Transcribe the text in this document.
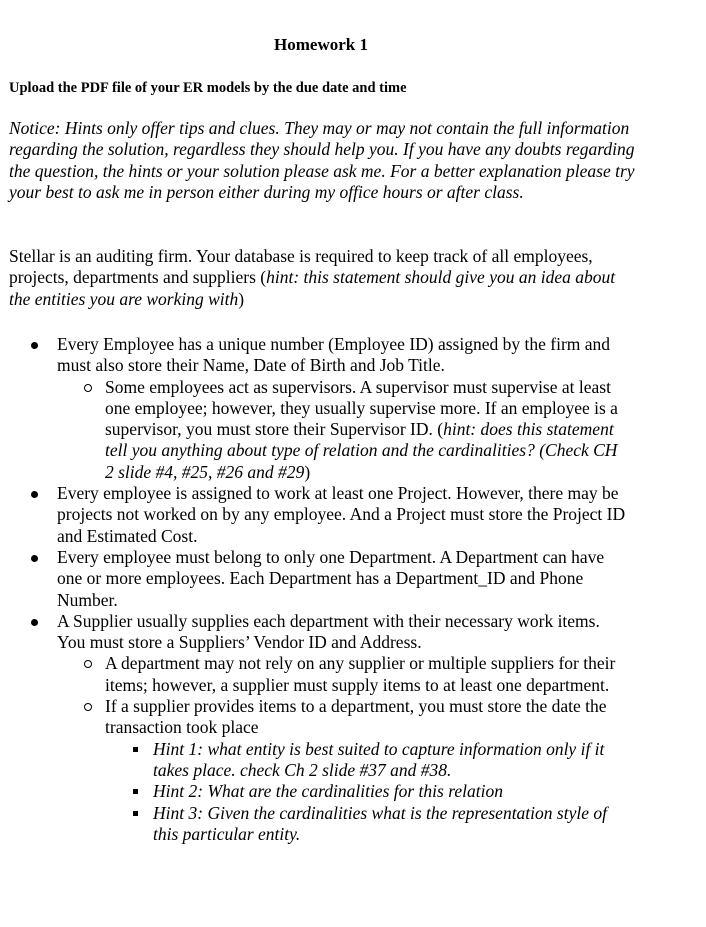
Homework 1
Upload the PDF file of your ER models by the due date and time
Notice: Hints only offer tips and clues. They may or may not contain the full information regarding the solution, regardless they should help you. If you have any doubts regarding the question, the hints or your solution please ask me. For a better explanation please try your best to ask me in person either during my office hours or after class.
Stellar is an auditing firm. Your database is required to keep track of all employees, projects, departments and suppliers (hint: this statement should give you an idea about the entities you are working with)
Every Employee has a unique number (Employee ID) assigned by the firm and must also store their Name, Date of Birth and Job Title.
Some employees act as supervisors. A supervisor must supervise at least one employee; however, they usually supervise more. If an employee is a supervisor, you must store their Supervisor ID. (hint: does this statement tell you anything about type of relation and the cardinalities? (Check CH 2 slide #4, #25, #26 and #29)
Every employee is assigned to work at least one Project. However, there may be projects not worked on by any employee. And a Project must store the Project ID and Estimated Cost.
Every employee must belong to only one Department. A Department can have one or more employees. Each Department has a Department_ID and Phone Number.
A Supplier usually supplies each department with their necessary work items. You must store a Suppliers’ Vendor ID and Address.
A department may not rely on any supplier or multiple suppliers for their items; however, a supplier must supply items to at least one department.
If a supplier provides items to a department, you must store the date the transaction took place
Hint 1: what entity is best suited to capture information only if it takes place. check Ch 2 slide #37 and #38.
Hint 2: What are the cardinalities for this relation
Hint 3: Given the cardinalities what is the representation style of this particular entity.
